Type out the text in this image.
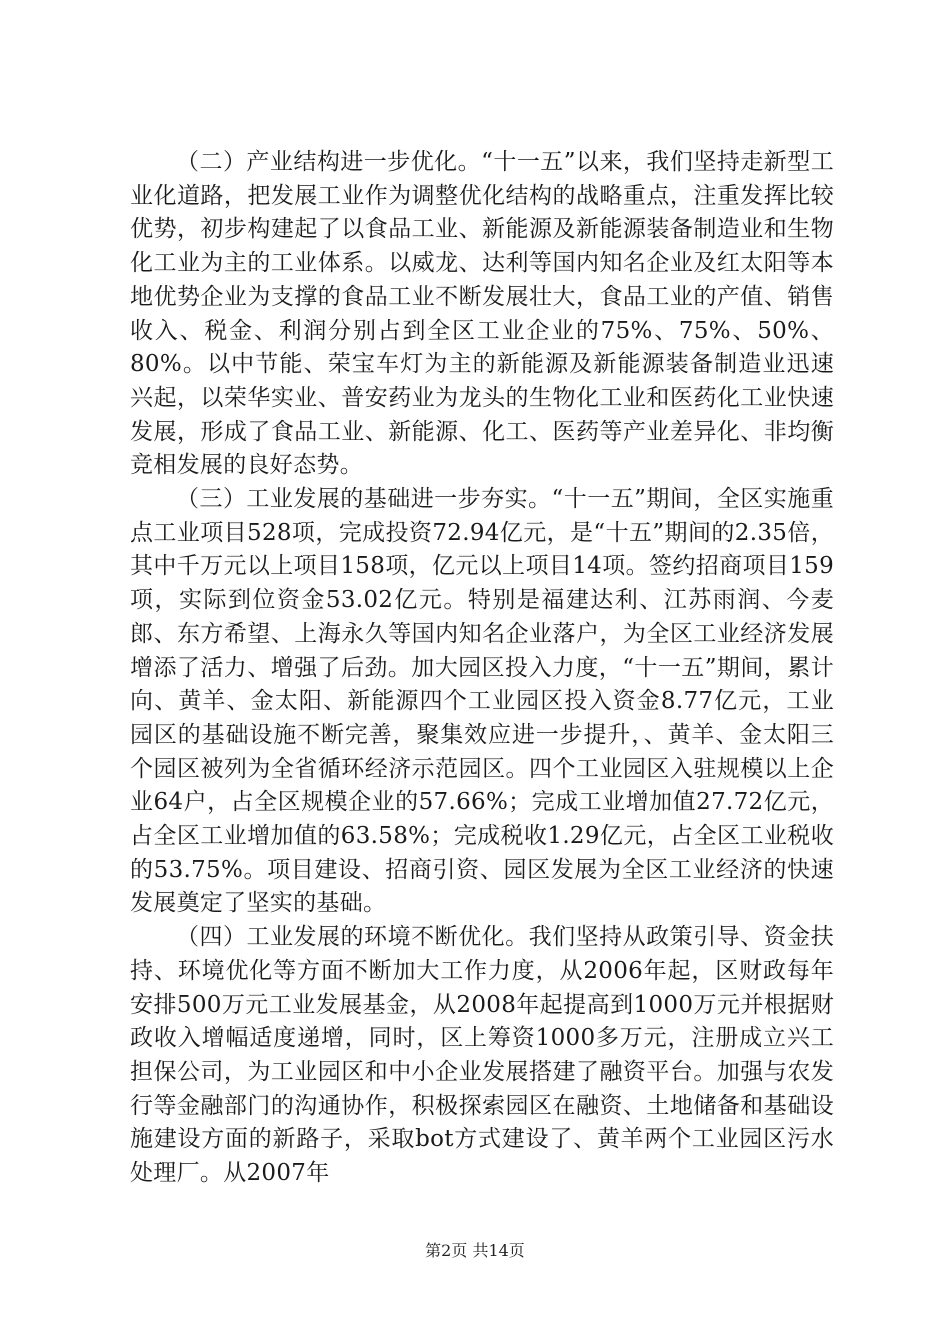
（二）产业结构进一步优化。“十一五”以来，我们坚持走新型工业化道路，把发展工业作为调整优化结构的战略重点，注重发挥比较优势，初步构建起了以食品工业、新能源及新能源装备制造业和生物化工业为主的工业体系。以威龙、达利等国内知名企业及红太阳等本地优势企业为支撑的食品工业不断发展壮大，食品工业的产值、销售收入、税金、利润分别占到全区工业企业的75%、75%、50%、80%。以中节能、荣宝车灯为主的新能源及新能源装备制造业迅速兴起，以荣华实业、普安药业为龙头的生物化工业和医药化工业快速发展，形成了食品工业、新能源、化工、医药等产业差异化、非均衡竞相发展的良好态势。

（三）工业发展的基础进一步夯实。“十一五”期间，全区实施重点工业项目528项，完成投资72.94亿元，是“十五”期间的2.35倍，其中千万元以上项目158项，亿元以上项目14项。签约招商项目159项，实际到位资金53.02亿元。特别是福建达利、江苏雨润、今麦郎、东方希望、上海永久等国内知名企业落户，为全区工业经济发展增添了活力、增强了后劲。加大园区投入力度，“十一五”期间，累计向、黄羊、金太阳、新能源四个工业园区投入资金8.77亿元，工业园区的基础设施不断完善，聚集效应进一步提升，、黄羊、金太阳三个园区被列为全省循环经济示范园区。四个工业园区入驻规模以上企业64户，占全区规模企业的57.66%；完成工业增加值27.72亿元，占全区工业增加值的63.58%；完成税收1.29亿元，占全区工业税收的53.75%。项目建设、招商引资、园区发展为全区工业经济的快速发展奠定了坚实的基础。

（四）工业发展的环境不断优化。我们坚持从政策引导、资金扶持、环境优化等方面不断加大工作力度，从2006年起，区财政每年安排500万元工业发展基金，从2008年起提高到1000万元并根据财政收入增幅适度递增，同时，区上筹资1000多万元，注册成立兴工担保公司，为工业园区和中小企业发展搭建了融资平台。加强与农发行等金融部门的沟通协作，积极探索园区在融资、土地储备和基础设施建设方面的新路子，采取bot方式建设了、黄羊两个工业园区污水处理厂。从2007年

第2页 共14页
